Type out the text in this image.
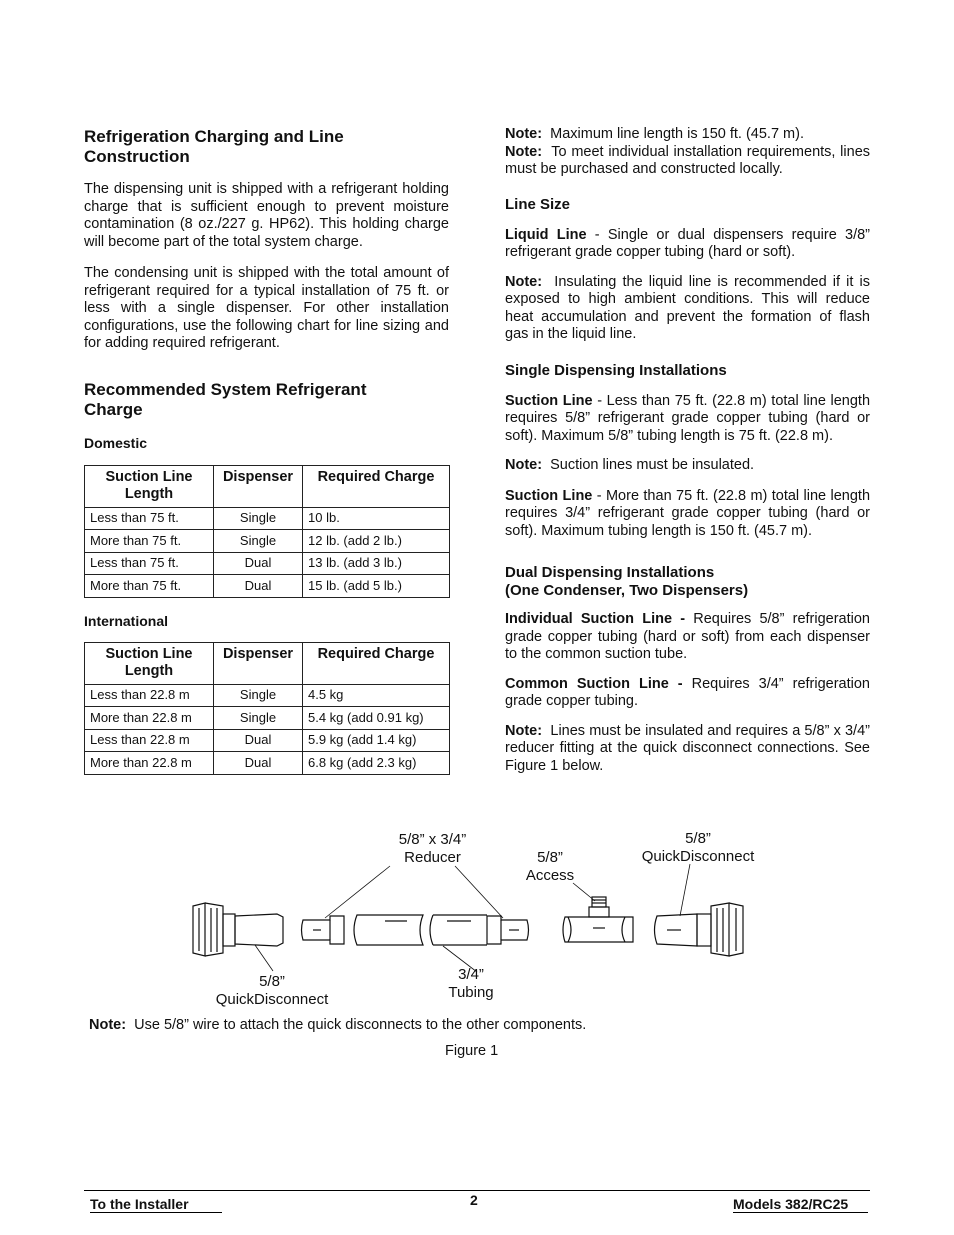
Refrigeration Charging and Line
Construction

The dispensing unit is shipped with a refrigerant holding charge that is sufficient enough to prevent moisture contamination (8 oz./227 g. HP62). This holding charge will become part of the total system charge.

The condensing unit is shipped with the total amount of refrigerant required for a typical installation of 75 ft. or less with a single dispenser. For other installation configurations, use the following chart for line sizing and for adding required refrigerant.

Recommended System Refrigerant
Charge
Domestic
Suction Line Length	Dispenser	Required Charge
Less than 75 ft.	Single	10 lb.
More than 75 ft.	Single	12 lb. (add 2 lb.)
Less than 75 ft.	Dual	13 lb. (add 3 lb.)
More than 75 ft.	Dual	15 lb. (add 5 lb.)
International
Suction Line Length	Dispenser	Required Charge
Less than 22.8 m	Single	4.5 kg
More than 22.8 m	Single	5.4 kg (add 0.91 kg)
Less than 22.8 m	Dual	5.9 kg (add 1.4 kg)
More than 22.8 m	Dual	6.8 kg (add 2.3 kg)

Note: Maximum line length is 150 ft. (45.7 m).

Note: To meet individual installation requirements, lines must be purchased and constructed locally.

Line Size

Liquid Line - Single or dual dispensers require 3/8” refrigerant grade copper tubing (hard or soft).

Note: Insulating the liquid line is recommended if it is exposed to high ambient conditions. This will reduce heat accumulation and prevent the formation of flash gas in the liquid line.

Single Dispensing Installations

Suction Line - Less than 75 ft. (22.8 m) total line length requires 5/8” refrigerant grade copper tubing (hard or soft). Maximum 5/8” tubing length is 75 ft. (22.8 m).

Note: Suction lines must be insulated.

Suction Line - More than 75 ft. (22.8 m) total line length requires 3/4” refrigerant grade copper tubing (hard or soft). Maximum tubing length is 150 ft. (45.7 m).

Dual Dispensing Installations
(One Condenser, Two Dispensers)

Individual Suction Line - Requires 5/8” refrigeration grade copper tubing (hard or soft) from each dispenser to the common suction tube.

Common Suction Line - Requires 3/4” refrigeration grade copper tubing.

Note: Lines must be insulated and requires a 5/8” x 3/4” reducer fitting at the quick disconnect connections. See Figure 1 below.

5/8” x 3/4”
Reducer	5/8”
Access
5/8”
QuickDisconnect
5/8”
QuickDisconnect
3/4”
Tubing
Note: Use 5/8” wire to attach the quick disconnects to the other components.
Figure 1
To the Installer	2	Models 382/RC25
